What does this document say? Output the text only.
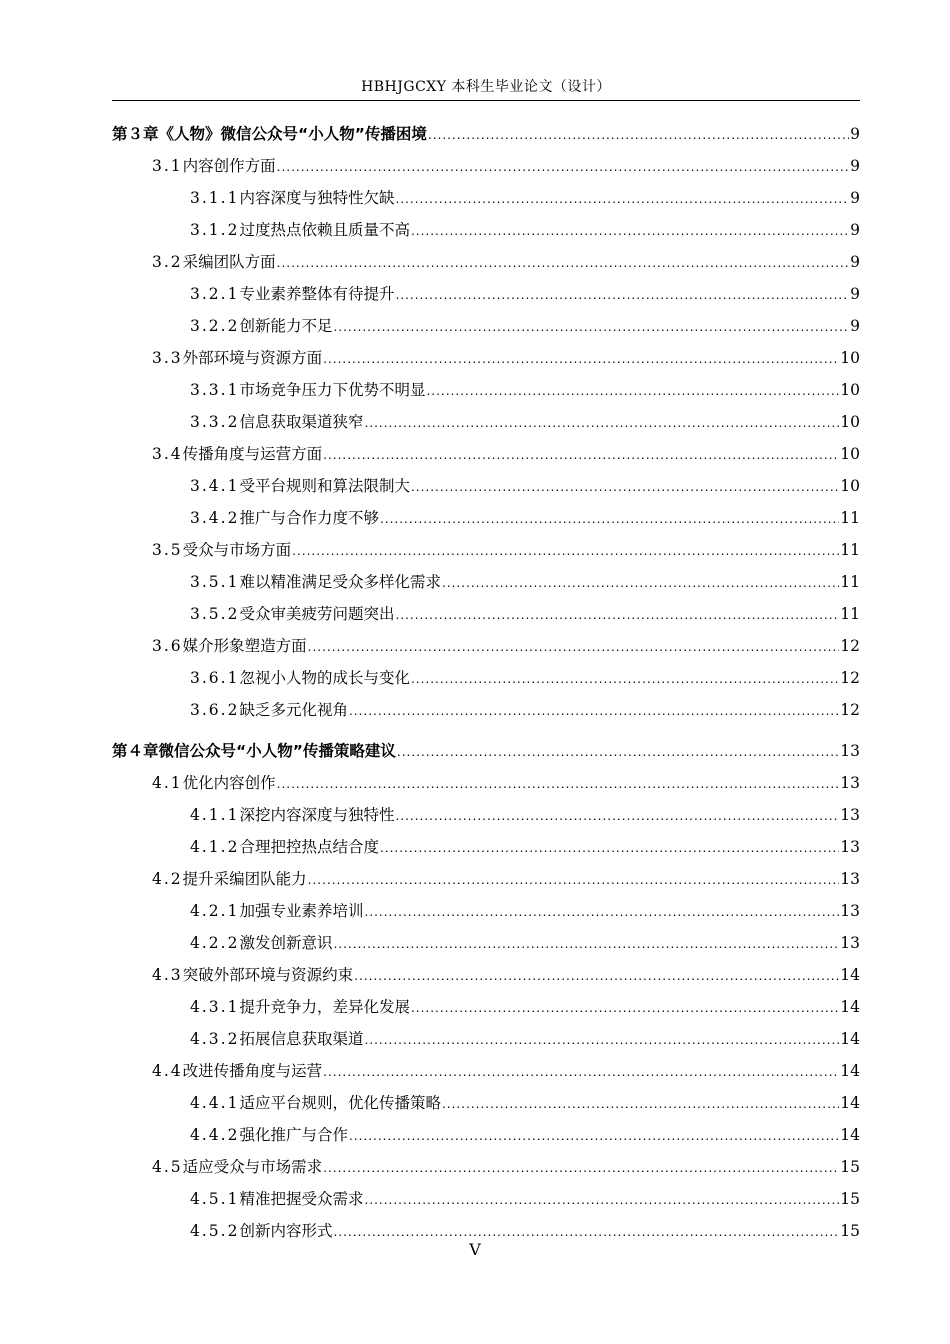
HBHJGCXY 本科生毕业论文（设计）
第３章 《人物》微信公众号“小人物”传播困境 .....	9
3.1 内容创作方面 .....	9
3.1.1 内容深度与独特性欠缺 .....	9
3.1.2 过度热点依赖且质量不高 .....	9
3.2 采编团队方面 .....	9
3.2.1 专业素养整体有待提升 .....	9
3.2.2 创新能力不足 .....	9
3.3 外部环境与资源方面 .....	10
3.3.1 市场竞争压力下优势不明显 .....	10
3.3.2 信息获取渠道狭窄 .....	10
3.4 传播角度与运营方面 .....	10
3.4.1 受平台规则和算法限制大 .....	10
3.4.2 推广与合作力度不够 .....	11
3.5 受众与市场方面 .....	11
3.5.1 难以精准满足受众多样化需求 .....	11
3.5.2 受众审美疲劳问题突出 .....	11
3.6 媒介形象塑造方面 .....	12
3.6.1 忽视小人物的成长与变化 .....	12
3.6.2 缺乏多元化视角 .....	12
第４章 微信公众号“小人物”传播策略建议 .....	13
4.1 优化内容创作 .....	13
4.1.1 深挖内容深度与独特性 .....	13
4.1.2 合理把控热点结合度 .....	13
4.2 提升采编团队能力 .....	13
4.2.1 加强专业素养培训 .....	13
4.2.2 激发创新意识 .....	13
4.3 突破外部环境与资源约束 .....	14
4.3.1 提升竞争力，差异化发展 .....	14
4.3.2 拓展信息获取渠道 .....	14
4.4 改进传播角度与运营 .....	14
4.4.1 适应平台规则，优化传播策略 .....	14
4.4.2 强化推广与合作 .....	14
4.5 适应受众与市场需求 .....	15
4.5.1 精准把握受众需求 .....	15
4.5.2 创新内容形式 .....	15
V
